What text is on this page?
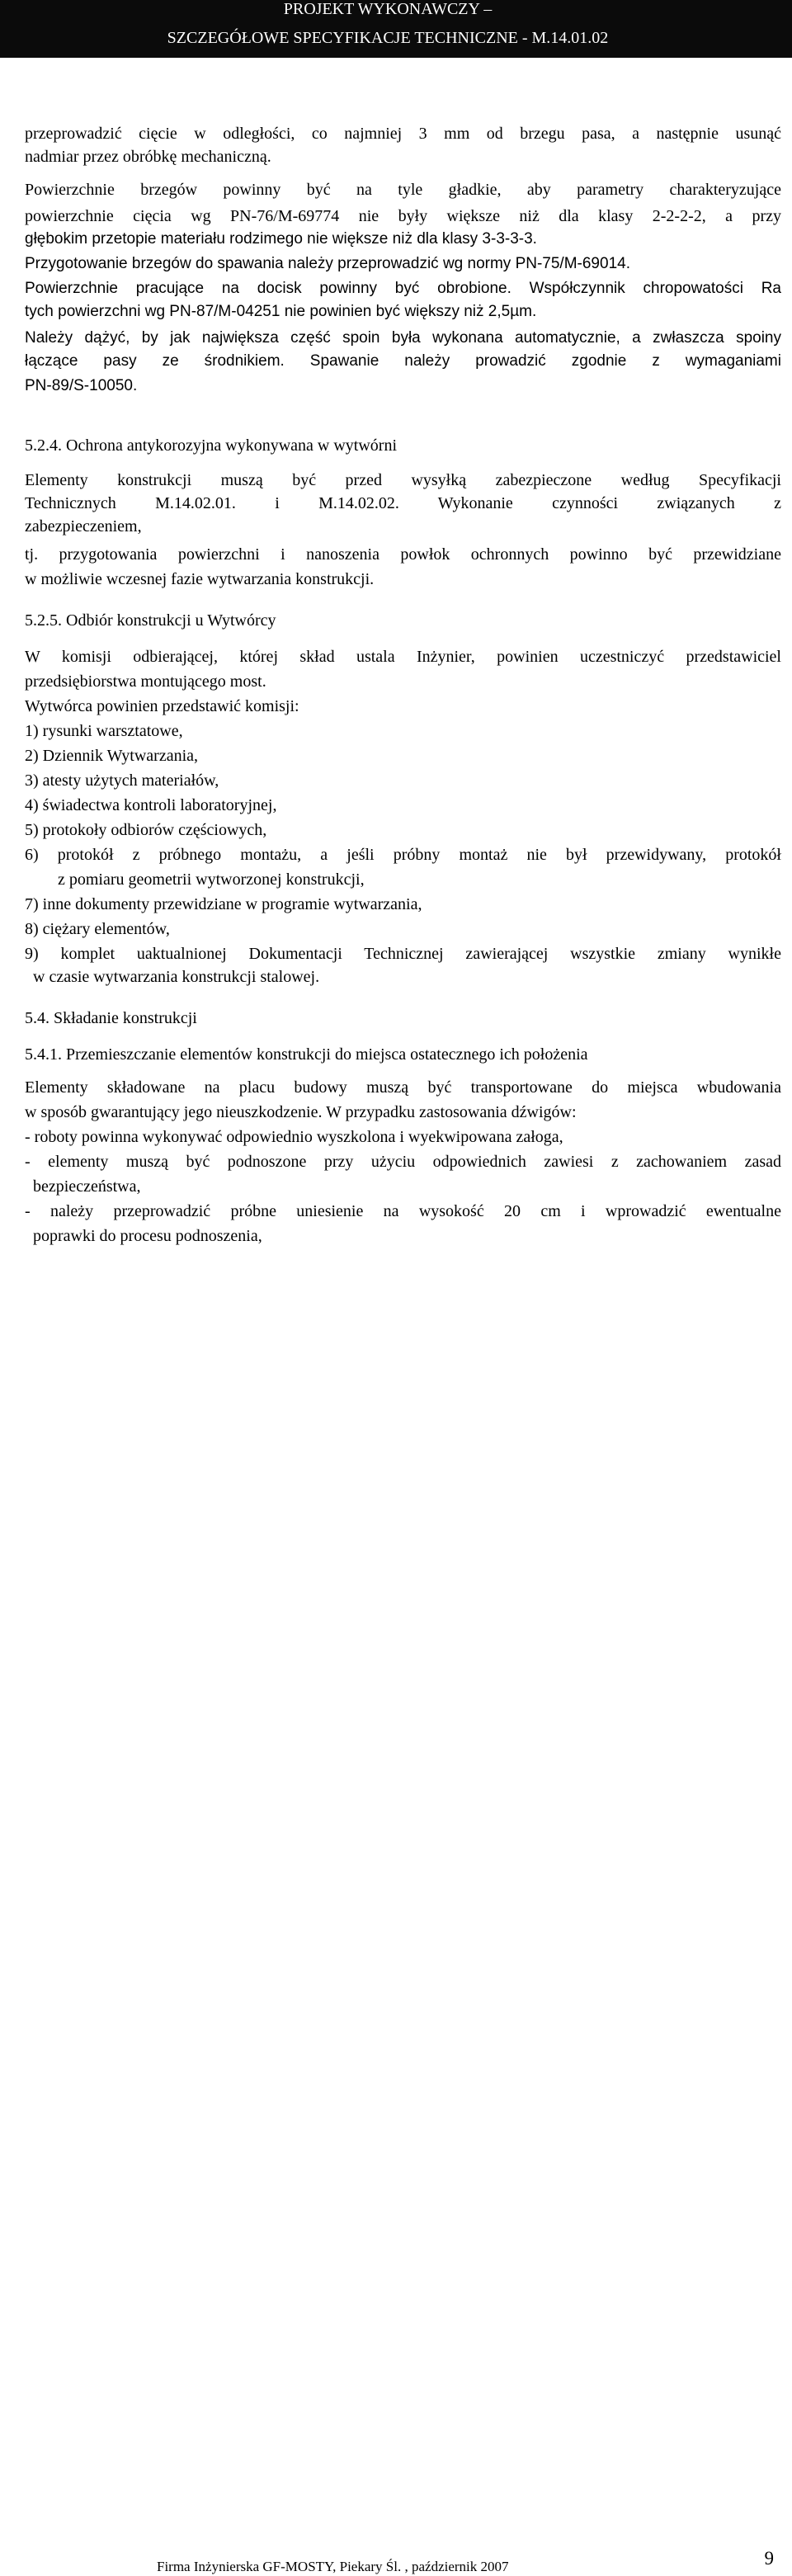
PROJEKT WYKONAWCZY –
SZCZEGÓŁOWE SPECYFIKACJE TECHNICZNE - M.14.01.02
przeprowadzić cięcie w odległości, co najmniej 3 mm od brzegu pasa, a następnie usunąć
nadmiar przez obróbkę mechaniczną.
Powierzchnie brzegów powinny być na tyle gładkie, aby parametry charakteryzujące
powierzchnie cięcia wg PN-76/M-69774 nie były większe niż dla klasy 2-2-2-2, a przy
głębokim przetopie materiału rodzimego nie większe niż dla klasy 3-3-3-3.
Przygotowanie brzegów do spawania należy przeprowadzić wg normy PN-75/M-69014.
Powierzchnie pracujące na docisk powinny być obrobione. Współczynnik chropowatości Ra
tych powierzchni wg PN-87/M-04251 nie powinien być większy niż 2,5µm.
Należy dążyć, by jak największa część spoin była wykonana automatycznie, a zwłaszcza spoiny
łączące pasy ze środnikiem. Spawanie należy prowadzić zgodnie z wymaganiami
PN-89/S-10050.
5.2.4. Ochrona antykorozyjna wykonywana w wytwórni
Elementy konstrukcji muszą być przed wysyłką zabezpieczone według Specyfikacji
Technicznych M.14.02.01. i M.14.02.02. Wykonanie czynności związanych z
zabezpieczeniem,
tj. przygotowania powierzchni i nanoszenia powłok ochronnych powinno być przewidziane
w możliwie wczesnej fazie wytwarzania konstrukcji.
5.2.5. Odbiór konstrukcji u Wytwórcy
W komisji odbierającej, której skład ustala Inżynier, powinien uczestniczyć przedstawiciel
przedsiębiorstwa montującego most.
Wytwórca powinien przedstawić komisji:
1) rysunki warsztatowe,
2) Dziennik Wytwarzania,
3) atesty użytych materiałów,
4) świadectwa kontroli laboratoryjnej,
5) protokoły odbiorów częściowych,
6) protokół z próbnego montażu, a jeśli próbny montaż nie był przewidywany, protokół
z pomiaru geometrii wytworzonej konstrukcji,
7) inne dokumenty przewidziane w programie wytwarzania,
8) ciężary elementów,
9) komplet uaktualnionej Dokumentacji Technicznej zawierającej wszystkie zmiany wynikłe
w czasie wytwarzania konstrukcji stalowej.
5.4. Składanie konstrukcji
5.4.1. Przemieszczanie elementów konstrukcji do miejsca ostatecznego ich położenia
Elementy składowane na placu budowy muszą być transportowane do miejsca wbudowania
w sposób gwarantujący jego nieuszkodzenie. W przypadku zastosowania dźwigów:
- roboty powinna wykonywać odpowiednio wyszkolona i wyekwipowana załoga,
- elementy muszą być podnoszone przy użyciu odpowiednich zawiesi z zachowaniem zasad
bezpieczeństwa,
- należy przeprowadzić próbne uniesienie na wysokość 20 cm i wprowadzić ewentualne
poprawki do procesu podnoszenia,
Firma Inżynierska GF-MOSTY, Piekary Śl. , październik 2007	9
